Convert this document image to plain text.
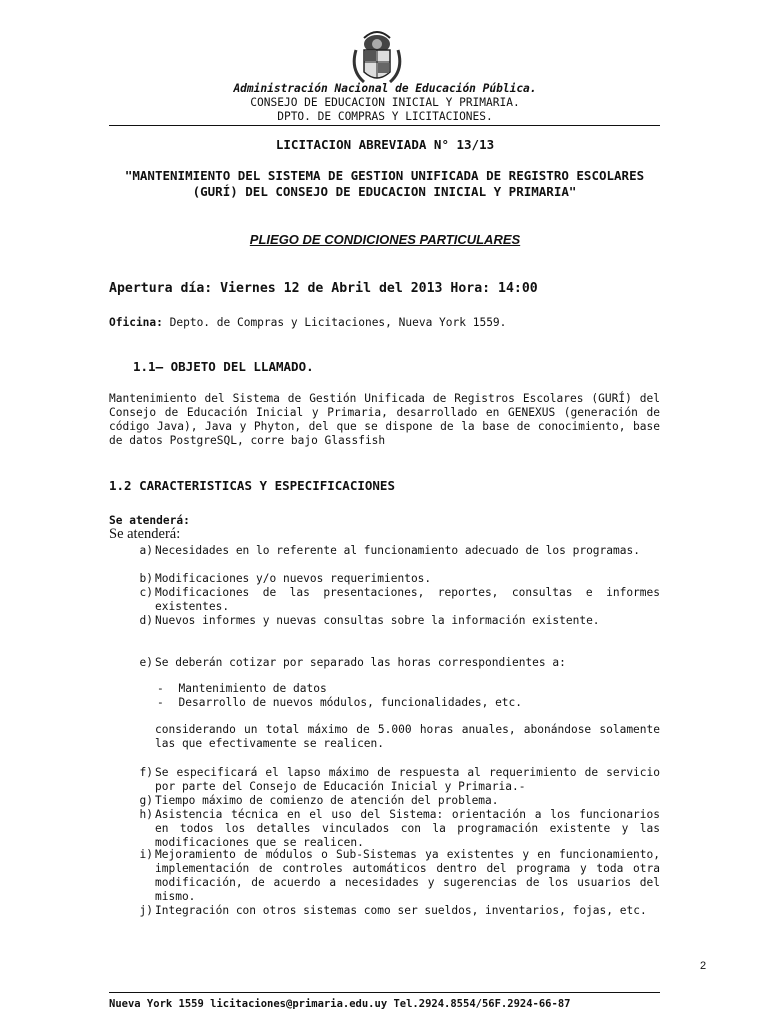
Administración Nacional de Educación Pública.
CONSEJO DE EDUCACION INICIAL Y PRIMARIA.
DPTO. DE COMPRAS Y LICITACIONES.
LICITACION ABREVIADA N° 13/13
"MANTENIMIENTO DEL SISTEMA DE GESTION UNIFICADA DE REGISTRO ESCOLARES (GURÍ) DEL CONSEJO DE EDUCACION INICIAL Y PRIMARIA"
PLIEGO DE CONDICIONES PARTICULARES
Apertura día: Viernes 12 de Abril del 2013 Hora: 14:00
Oficina: Depto. de Compras y Licitaciones, Nueva York 1559.
1.1– OBJETO DEL LLAMADO.
Mantenimiento del Sistema de Gestión Unificada de Registros Escolares (GURÍ) del Consejo de Educación Inicial y Primaria, desarrollado en GENEXUS (generación de código Java), Java y Phyton, del que se dispone de la base de conocimiento, base de datos PostgreSQL, corre bajo Glassfish
1.2 CARACTERISTICAS Y ESPECIFICACIONES
Se atenderá:
Se atenderá:
a) Necesidades en lo referente al funcionamiento adecuado de los programas.
b) Modificaciones y/o nuevos requerimientos.
c) Modificaciones de las presentaciones, reportes, consultas e informes existentes.
d) Nuevos informes y nuevas consultas sobre la información existente.
e) Se deberán cotizar por separado las horas correspondientes a:
- Mantenimiento de datos
- Desarrollo de nuevos módulos, funcionalidades, etc.
considerando un total máximo de 5.000 horas anuales, abonándose solamente las que efectivamente se realicen.
f) Se especificará el lapso máximo de respuesta al requerimiento de servicio por parte del Consejo de Educación Inicial y Primaria.-
g) Tiempo máximo de comienzo de atención del problema.
h) Asistencia técnica en el uso del Sistema: orientación a los funcionarios en todos los detalles vinculados con la programación existente y las modificaciones que se realicen.
i) Mejoramiento de módulos o Sub-Sistemas ya existentes y en funcionamiento, implementación de controles automáticos dentro del programa y toda otra modificación, de acuerdo a necesidades y sugerencias de los usuarios del mismo.
j) Integración con otros sistemas como ser sueldos, inventarios, fojas, etc.
2
Nueva York 1559 licitaciones@primaria.edu.uy Tel.2924.8554/56F.2924-66-87
